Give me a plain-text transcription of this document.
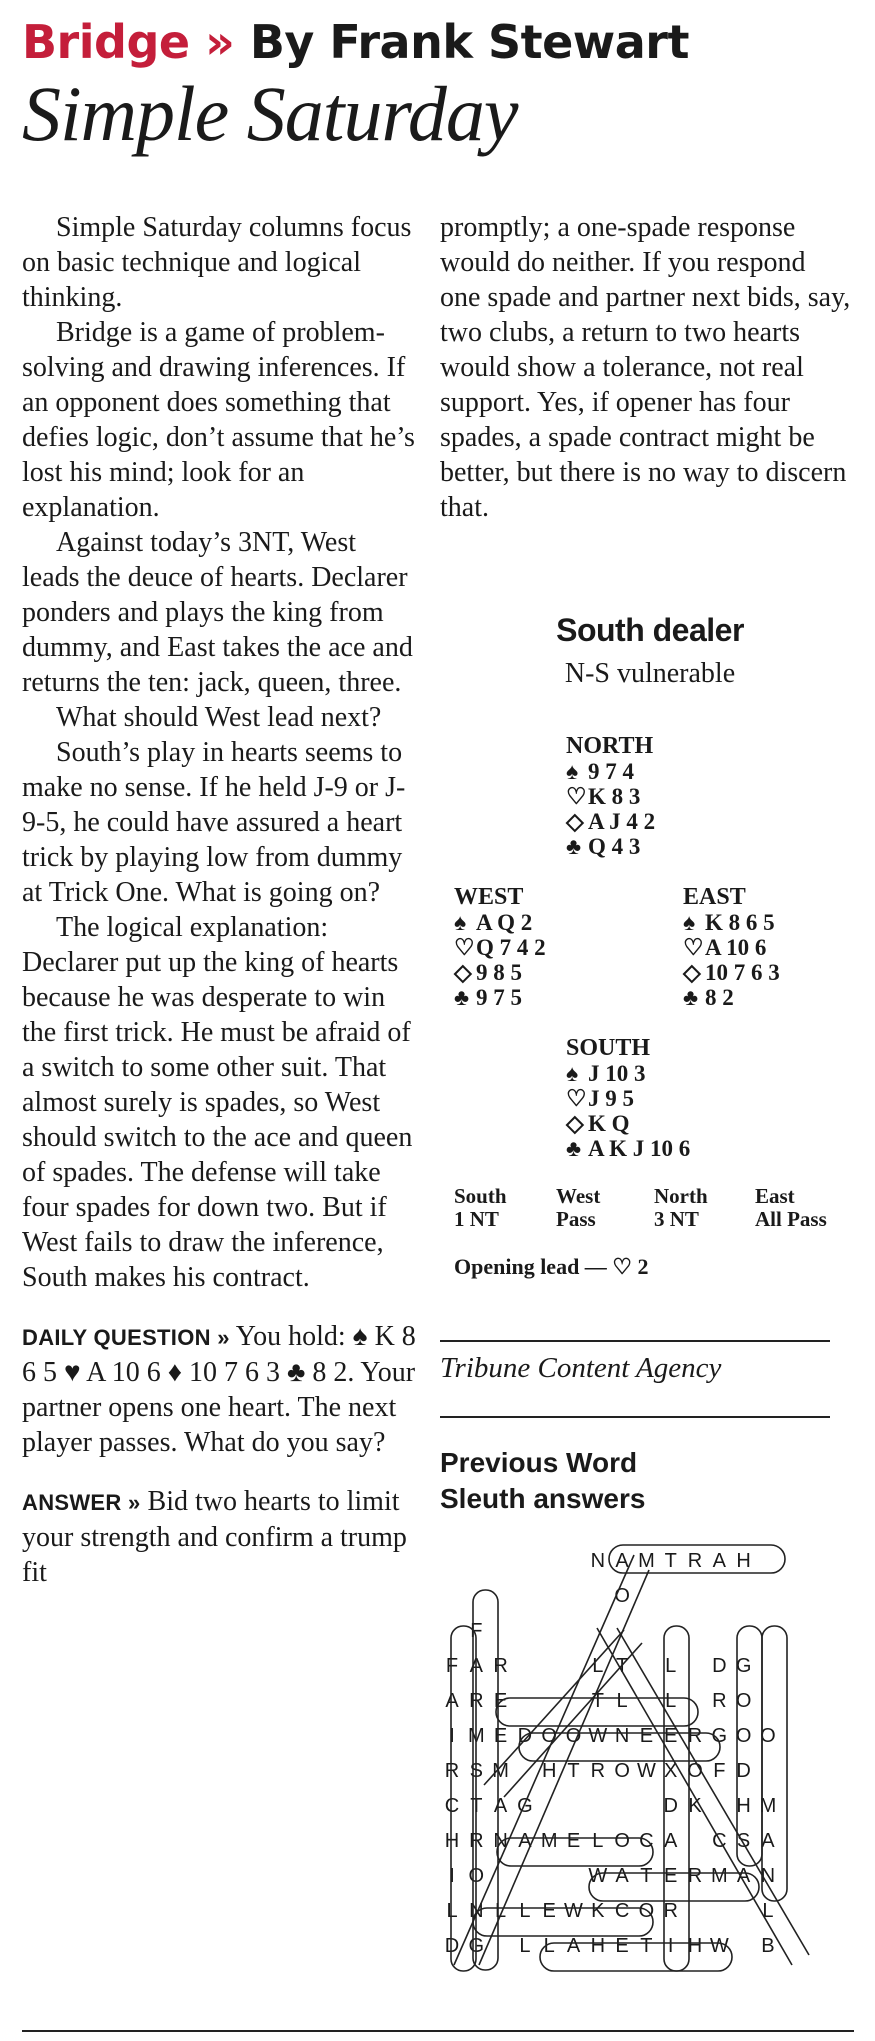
Bridge » By Frank Stewart
Simple Saturday

Simple Saturday columns focus on basic technique and logical thinking.

Bridge is a game of problem-solving and drawing inferences. If an opponent does something that defies logic, don’t assume that he’s lost his mind; look for an explanation.

Against today’s 3NT, West leads the deuce of hearts. Declarer ponders and plays the king from dummy, and East takes the ace and returns the ten: jack, queen, three.

What should West lead next?

South’s play in hearts seems to make no sense. If he held J-9 or J-9-5, he could have assured a heart trick by playing low from dummy at Trick One. What is going on?

The logical explanation: Declarer put up the king of hearts because he was desperate to win the first trick. He must be afraid of a switch to some other suit. That almost surely is spades, so West should switch to the ace and queen of spades. The defense will take four spades for down two. But if West fails to draw the inference, South makes his contract.

DAILY QUESTION » You hold: ♠ K 8 6 5 ♥ A 10 6 ♦ 10 7 6 3 ♣ 8 2. Your partner opens one heart. The next player passes. What do you say?

ANSWER » Bid two hearts to limit your strength and confirm a trump fit

promptly; a one-spade response would do neither. If you respond one spade and partner next bids, say, two clubs, a return to two hearts would show a tolerance, not real support. Yes, if opener has four spades, a spade contract might be better, but there is no way to discern that.

South dealer
N-S vulnerable
NORTH
♠ 9 7 4
♡K 8 3
◇ A J 4 2
♣ Q 4 3
WEST
♠ A Q 2
♡Q 7 4 2
◇ 9 8 5
♣ 9 7 5
EAST
♠ K 8 6 5
♡A 10 6
◇ 10 7 6 3
♣ 8 2
SOUTH
♠ J 10 3
♡J 9 5
◇ K Q
♣ A K J 10 6
South
1 NT
West
Pass
North
3 NT
East
All Pass
Opening lead — ♡ 2
Tribune Content Agency
Previous Word
Sleuth answers
N A M T R A H
O
F
F A R	L T L D G
A R E	T L L R O
I M E D O O W N E E R G O O
R S M H T R O W X O F D
C T A G	D K H M
H R N A M E L O C A C S A
I O	W A T E R M A N
L N L L E W K C O R	L
D G L L A H E T I H W B
